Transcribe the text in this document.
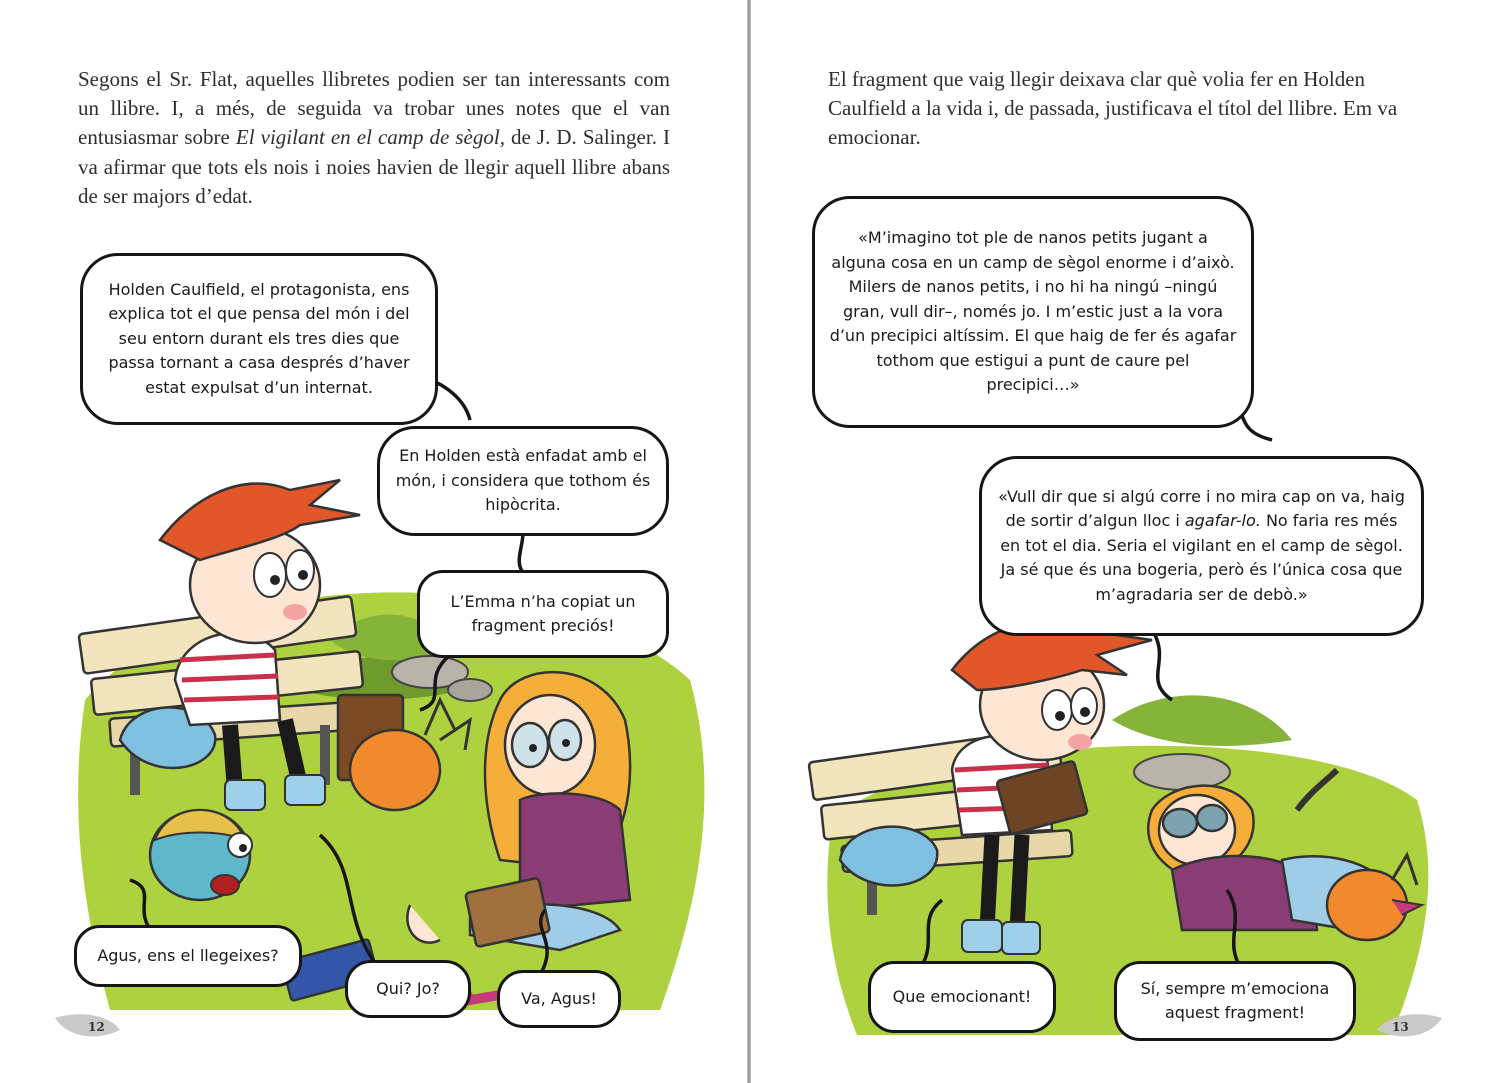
Segons el Sr. Flat, aquelles llibretes podien ser tan interessants com un llibre. I, a més, de seguida va trobar unes notes que el van entusiasmar sobre El vigilant en el camp de sègol, de J. D. Salinger. I va afirmar que tots els nois i noies havien de llegir aquell llibre abans de ser majors d’edat.

Holden Caulfield, el protagonista, ens explica tot el que pensa del món i del seu entorn durant els tres dies que passa tornant a casa després d’haver estat expulsat d’un internat.
En Holden està enfadat amb el món, i considera que tothom és hipòcrita.
L’Emma n’ha copiat un fragment preciós!
Agus, ens el llegeixes?
Qui? Jo?
Va, Agus!
12

El fragment que vaig llegir deixava clar què volia fer en Holden Caulfield a la vida i, de passada, justificava el títol del llibre. Em va emocionar.

«M’imagino tot ple de nanos petits jugant a alguna cosa en un camp de sègol enorme i d’això. Milers de nanos petits, i no hi ha ningú –ningú gran, vull dir–, només jo. I m’estic just a la vora d’un precipici altíssim. El que haig de fer és agafar tothom que estigui a punt de caure pel precipici…»
«Vull dir que si algú corre i no mira cap on va, haig de sortir d’algun lloc i agafar-lo. No faria res més en tot el dia. Seria el vigilant en el camp de sègol. Ja sé que és una bogeria, però és l’única cosa que m’agradaria ser de debò.»
Que emocionant!	Sí, sempre m’emociona aquest fragment!
13
